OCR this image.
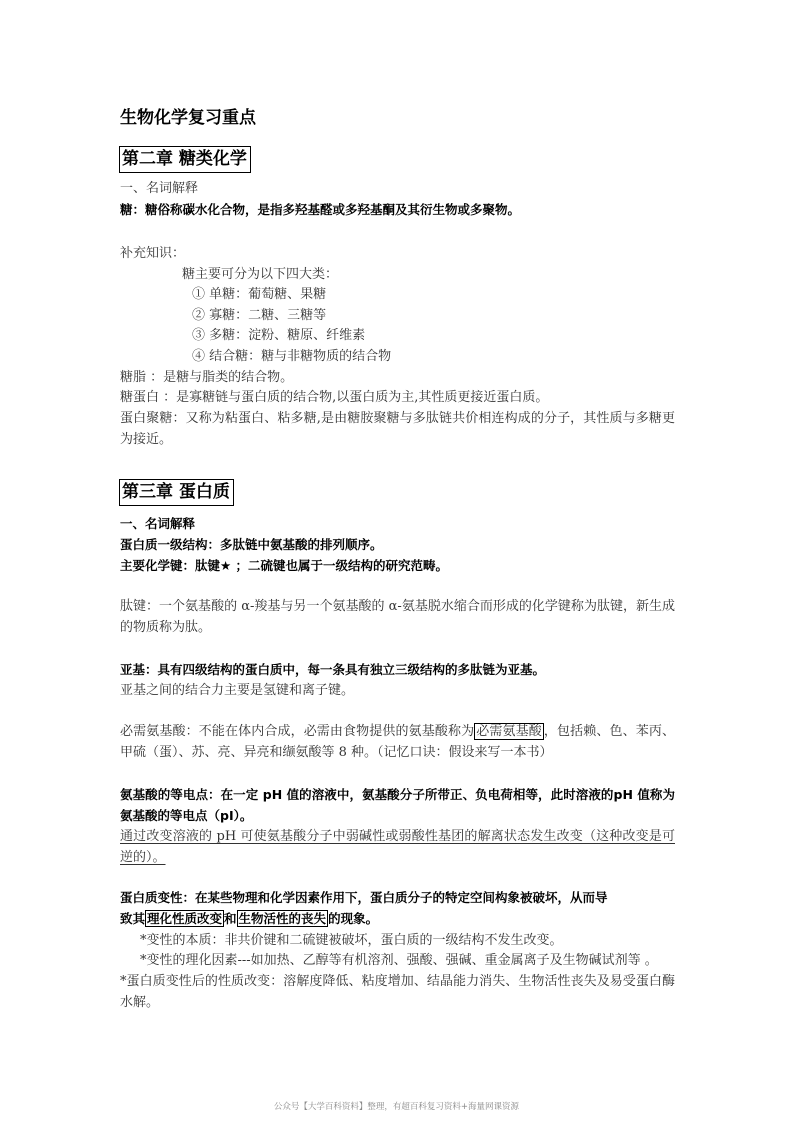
生物化学复习重点
第二章 糖类化学
一、名词解释
糖：糖俗称碳水化合物，是指多羟基醛或多羟基酮及其衍生物或多聚物。
补充知识：
糖主要可分为以下四大类：
① 单糖：葡萄糖、果糖
② 寡糖：二糖、三糖等
③ 多糖：淀粉、糖原、纤维素
④ 结合糖：糖与非糖物质的结合物
糖脂 ：是糖与脂类的结合物。
糖蛋白 ：是寡糖链与蛋白质的结合物,以蛋白质为主,其性质更接近蛋白质。
蛋白聚糖：又称为粘蛋白、粘多糖,是由糖胺聚糖与多肽链共价相连构成的分子，其性质与多糖更为接近。
第三章 蛋白质
一、名词解释
蛋白质一级结构：多肽链中氨基酸的排列顺序。
主要化学键：肽键★ ；二硫键也属于一级结构的研究范畴。
肽键：一个氨基酸的 α-羧基与另一个氨基酸的 α-氨基脱水缩合而形成的化学键称为肽键，新生成的物质称为肽。
亚基：具有四级结构的蛋白质中，每一条具有独立三级结构的多肽链为亚基。
亚基之间的结合力主要是氢键和离子键。
必需氨基酸：不能在体内合成，必需由食物提供的氨基酸称为 必需氨基酸 ，包括赖、色、苯丙、甲硫（蛋）、苏、亮、异亮和缬氨酸等 8 种。（记忆口诀：假设来写一本书）
氨基酸的等电点：在一定 pH 值的溶液中，氨基酸分子所带正、负电荷相等，此时溶液的pH 值称为氨基酸的等电点（pI）。
通过改变溶液的 pH 可使氨基酸分子中弱碱性或弱酸性基团的解离状态发生改变（这种改变是可逆的）。
蛋白质变性：在某些物理和化学因素作用下，蛋白质分子的特定空间构象被破坏，从而导
致其 理化性质改变 和 生物活性的丧失 的现象。
*变性的本质：非共价键和二硫键被破坏，蛋白质的一级结构不发生改变。
*变性的理化因素---如加热、乙醇等有机溶剂、强酸、强碱、重金属离子及生物碱试剂等 。
*蛋白质变性后的性质改变：溶解度降低、粘度增加、结晶能力消失、生物活性丧失及易受蛋白酶水解。
公众号【大学百科资料】整理，有超百科复习资料+海量网课资源
